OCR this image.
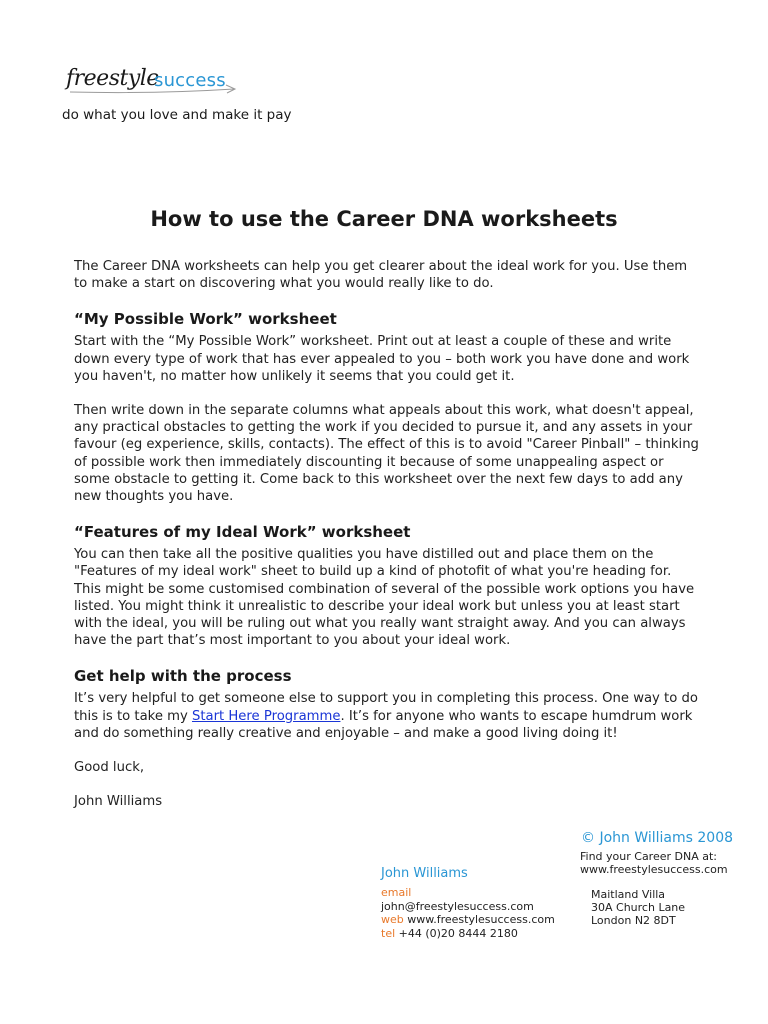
freestyle
success
do what you love and make it pay
How to use the Career DNA worksheets

The Career DNA worksheets can help you get clearer about the ideal work for you. Use them to make a start on discovering what you would really like to do.

“My Possible Work” worksheet

Start with the “My Possible Work” worksheet. Print out at least a couple of these and write down every type of work that has ever appealed to you – both work you have done and work you haven't, no matter how unlikely it seems that you could get it.

Then write down in the separate columns what appeals about this work, what doesn't appeal, any practical obstacles to getting the work if you decided to pursue it, and any assets in your favour (eg experience, skills, contacts). The effect of this is to avoid "Career Pinball" – thinking of possible work then immediately discounting it because of some unappealing aspect or some obstacle to getting it. Come back to this worksheet over the next few days to add any new thoughts you have.

“Features of my Ideal Work” worksheet

You can then take all the positive qualities you have distilled out and place them on the "Features of my ideal work" sheet to build up a kind of photofit of what you're heading for. This might be some customised combination of several of the possible work options you have listed. You might think it unrealistic to describe your ideal work but unless you at least start with the ideal, you will be ruling out what you really want straight away. And you can always have the part that’s most important to you about your ideal work.

Get help with the process

It’s very helpful to get someone else to support you in completing this process. One way to do this is to take my Start Here Programme. It’s for anyone who wants to escape humdrum work and do something really creative and enjoyable – and make a good living doing it!

Good luck,

John Williams

© John Williams 2008
Find your Career DNA at:
www.freestylesuccess.com
John Williams
email
john@freestylesuccess.com
web www.freestylesuccess.com
tel +44 (0)20 8444 2180
Maitland Villa
30A Church Lane
London N2 8DT
